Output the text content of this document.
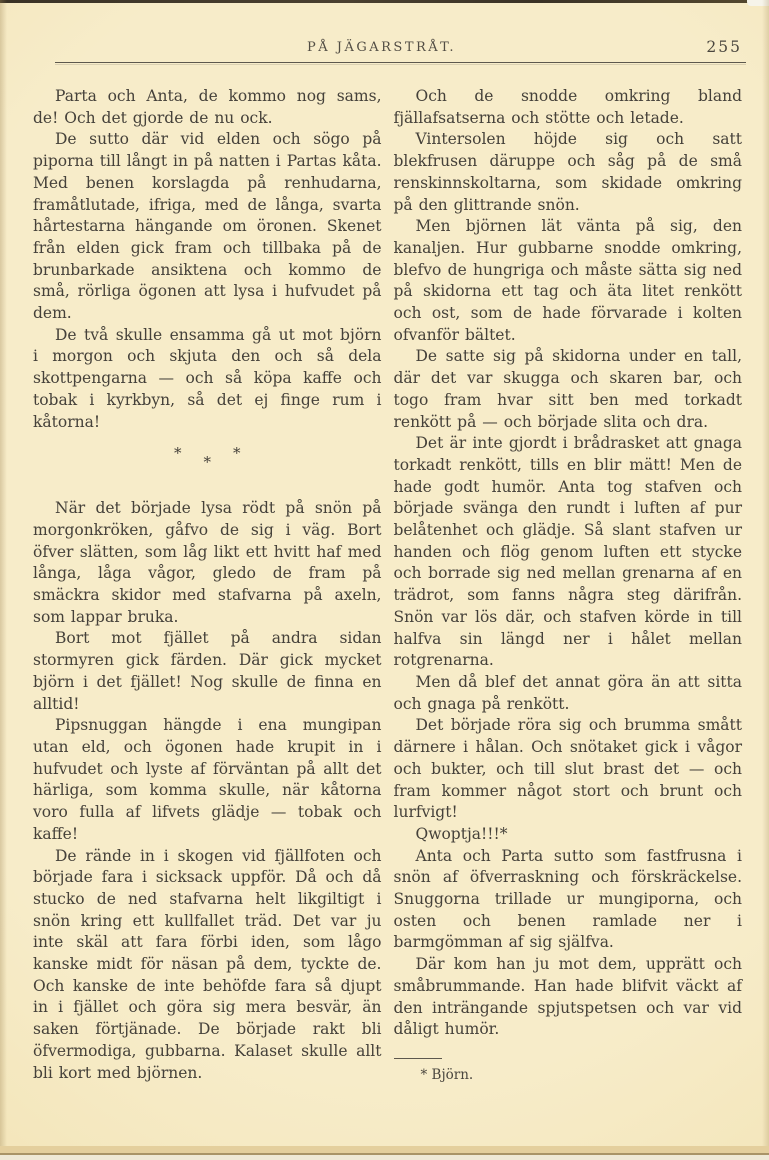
PÅ JÄGARSTRÅT.	255

Parta och Anta, de kommo nog sams, de! Och det gjorde de nu ock.

De sutto där vid elden och sögo på piporna till långt in på natten i Partas kåta. Med benen korslagda på renhudarna, framåtlutade, ifriga, med de långa, svarta hårtestarna hängande om öronen. Skenet från elden gick fram och tillbaka på de brunbarkade ansiktena och kommo de små, rörliga ögonen att lysa i hufvudet på dem.

De två skulle ensamma gå ut mot björn i morgon och skjuta den och så dela skottpengarna — och så köpa kaffe och tobak i kyrkbyn, så det ej finge rum i kåtorna!

* * *

När det började lysa rödt på snön på morgonkröken, gåfvo de sig i väg. Bort öfver slätten, som låg likt ett hvitt haf med långa, låga vågor, gledo de fram på smäckra skidor med stafvarna på axeln, som lappar bruka.

Bort mot fjället på andra sidan stormyren gick färden. Där gick mycket björn i det fjället! Nog skulle de finna en alltid!

Pipsnuggan hängde i ena mungipan utan eld, och ögonen hade krupit in i hufvudet och lyste af förväntan på allt det härliga, som komma skulle, när kåtorna voro fulla af lifvets glädje — tobak och kaffe!

De rände in i skogen vid fjällfoten och började fara i sicksack uppför. Då och då stucko de ned stafvarna helt likgiltigt i snön kring ett kullfallet träd. Det var ju inte skäl att fara förbi iden, som lågo kanske midt för näsan på dem, tyckte de. Och kanske de inte behöfde fara så djupt in i fjället och göra sig mera besvär, än saken förtjänade. De började rakt bli öfvermodiga, gubbarna. Kalaset skulle allt bli kort med björnen.

Och de snodde omkring bland fjällafsatserna och stötte och letade.

Vintersolen höjde sig och satt blekfrusen däruppe och såg på de små renskinnskoltarna, som skidade omkring på den glittrande snön.

Men björnen lät vänta på sig, den kanaljen. Hur gubbarne snodde omkring, blefvo de hungriga och måste sätta sig ned på skidorna ett tag och äta litet renkött och ost, som de hade förvarade i kolten ofvanför bältet.

De satte sig på skidorna under en tall, där det var skugga och skaren bar, och togo fram hvar sitt ben med torkadt renkött på — och började slita och dra.

Det är inte gjordt i brådrasket att gnaga torkadt renkött, tills en blir mätt! Men de hade godt humör. Anta tog stafven och började svänga den rundt i luften af pur belåtenhet och glädje. Så slant stafven ur handen och flög genom luften ett stycke och borrade sig ned mellan grenarna af en trädrot, som fanns några steg därifrån. Snön var lös där, och stafven körde in till halfva sin längd ner i hålet mellan rotgrenarna.

Men då blef det annat göra än att sitta och gnaga på renkött.

Det började röra sig och brumma smått därnere i hålan. Och snötaket gick i vågor och bukter, och till slut brast det — och fram kommer något stort och brunt och lurfvigt!

Qwoptja!!!*

Anta och Parta sutto som fastfrusna i snön af öfverraskning och förskräckelse. Snuggorna trillade ur mungiporna, och osten och benen ramlade ner i barmgömman af sig själfva.

Där kom han ju mot dem, upprätt och småbrummande. Han hade blifvit väckt af den inträngande spjutspetsen och var vid dåligt humör.

* Björn.
